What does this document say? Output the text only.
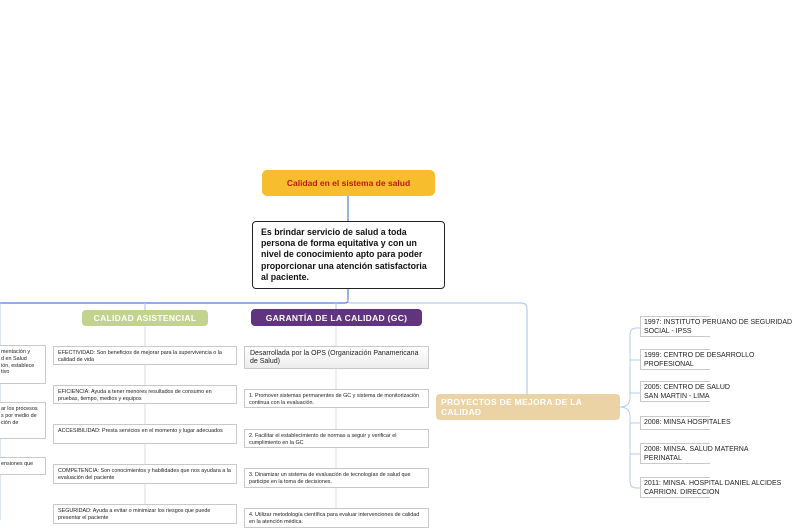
Calidad en el sistema de salud
Es brindar servicio de salud a toda persona de forma equitativa y con un nivel de conocimiento apto para poder proporcionar una atención satisfactoria al paciente.
CALIDAD ASISTENCIAL
EFECTIVIDAD: Son beneficios de mejorar para la supervivencia o la calidad de vida
EFICIENCIA: Ayuda a tener menores resultados de consumo en pruebas, tiempo, medios y equipos
ACCESIBILIDAD: Presta servicios en el momento y lugar adecuados
COMPETENCIA: Son conocimientos y habilidades que nos ayudara a la evaluación del paciente
SEGURIDAD: Ayuda a evitar o minimizar los riesgos que puede presentar el paciente
mentación y
d en Salud
ión, establece
tivo
ar los procesos
s por medio de
ción de
ensiones que
GARANTÍA DE LA CALIDAD (GC)
Desarrollada por la OPS (Organización Panamericana de Salud)
1. Promover sistemas permanentes de GC y sistema de monitorización continua con la evaluación.
2. Facilitar el establecimiento de normas a seguir y verificar el cumplimiento en la GC
3. Dinamizar un sistema de evaluación de tecnologías de salud que participe en la toma de decisiones.
4. Utilizar metodología científica para evaluar intervenciones de calidad en la atención médica.
PROYECTOS DE MEJORA DE LA CALIDAD
1997: INSTITUTO PERUANO DE SEGURIDAD
SOCIAL - IPSS
1999: CENTRO DE DESARROLLO
PROFESIONAL
2005: CENTRO DE SALUD
SAN MARTIN - LIMA
2008: MINSA HOSPITALES
2008: MINSA. SALUD MATERNA
PERINATAL
2011: MINSA. HOSPITAL DANIEL ALCIDES
CARRION. DIRECCION
